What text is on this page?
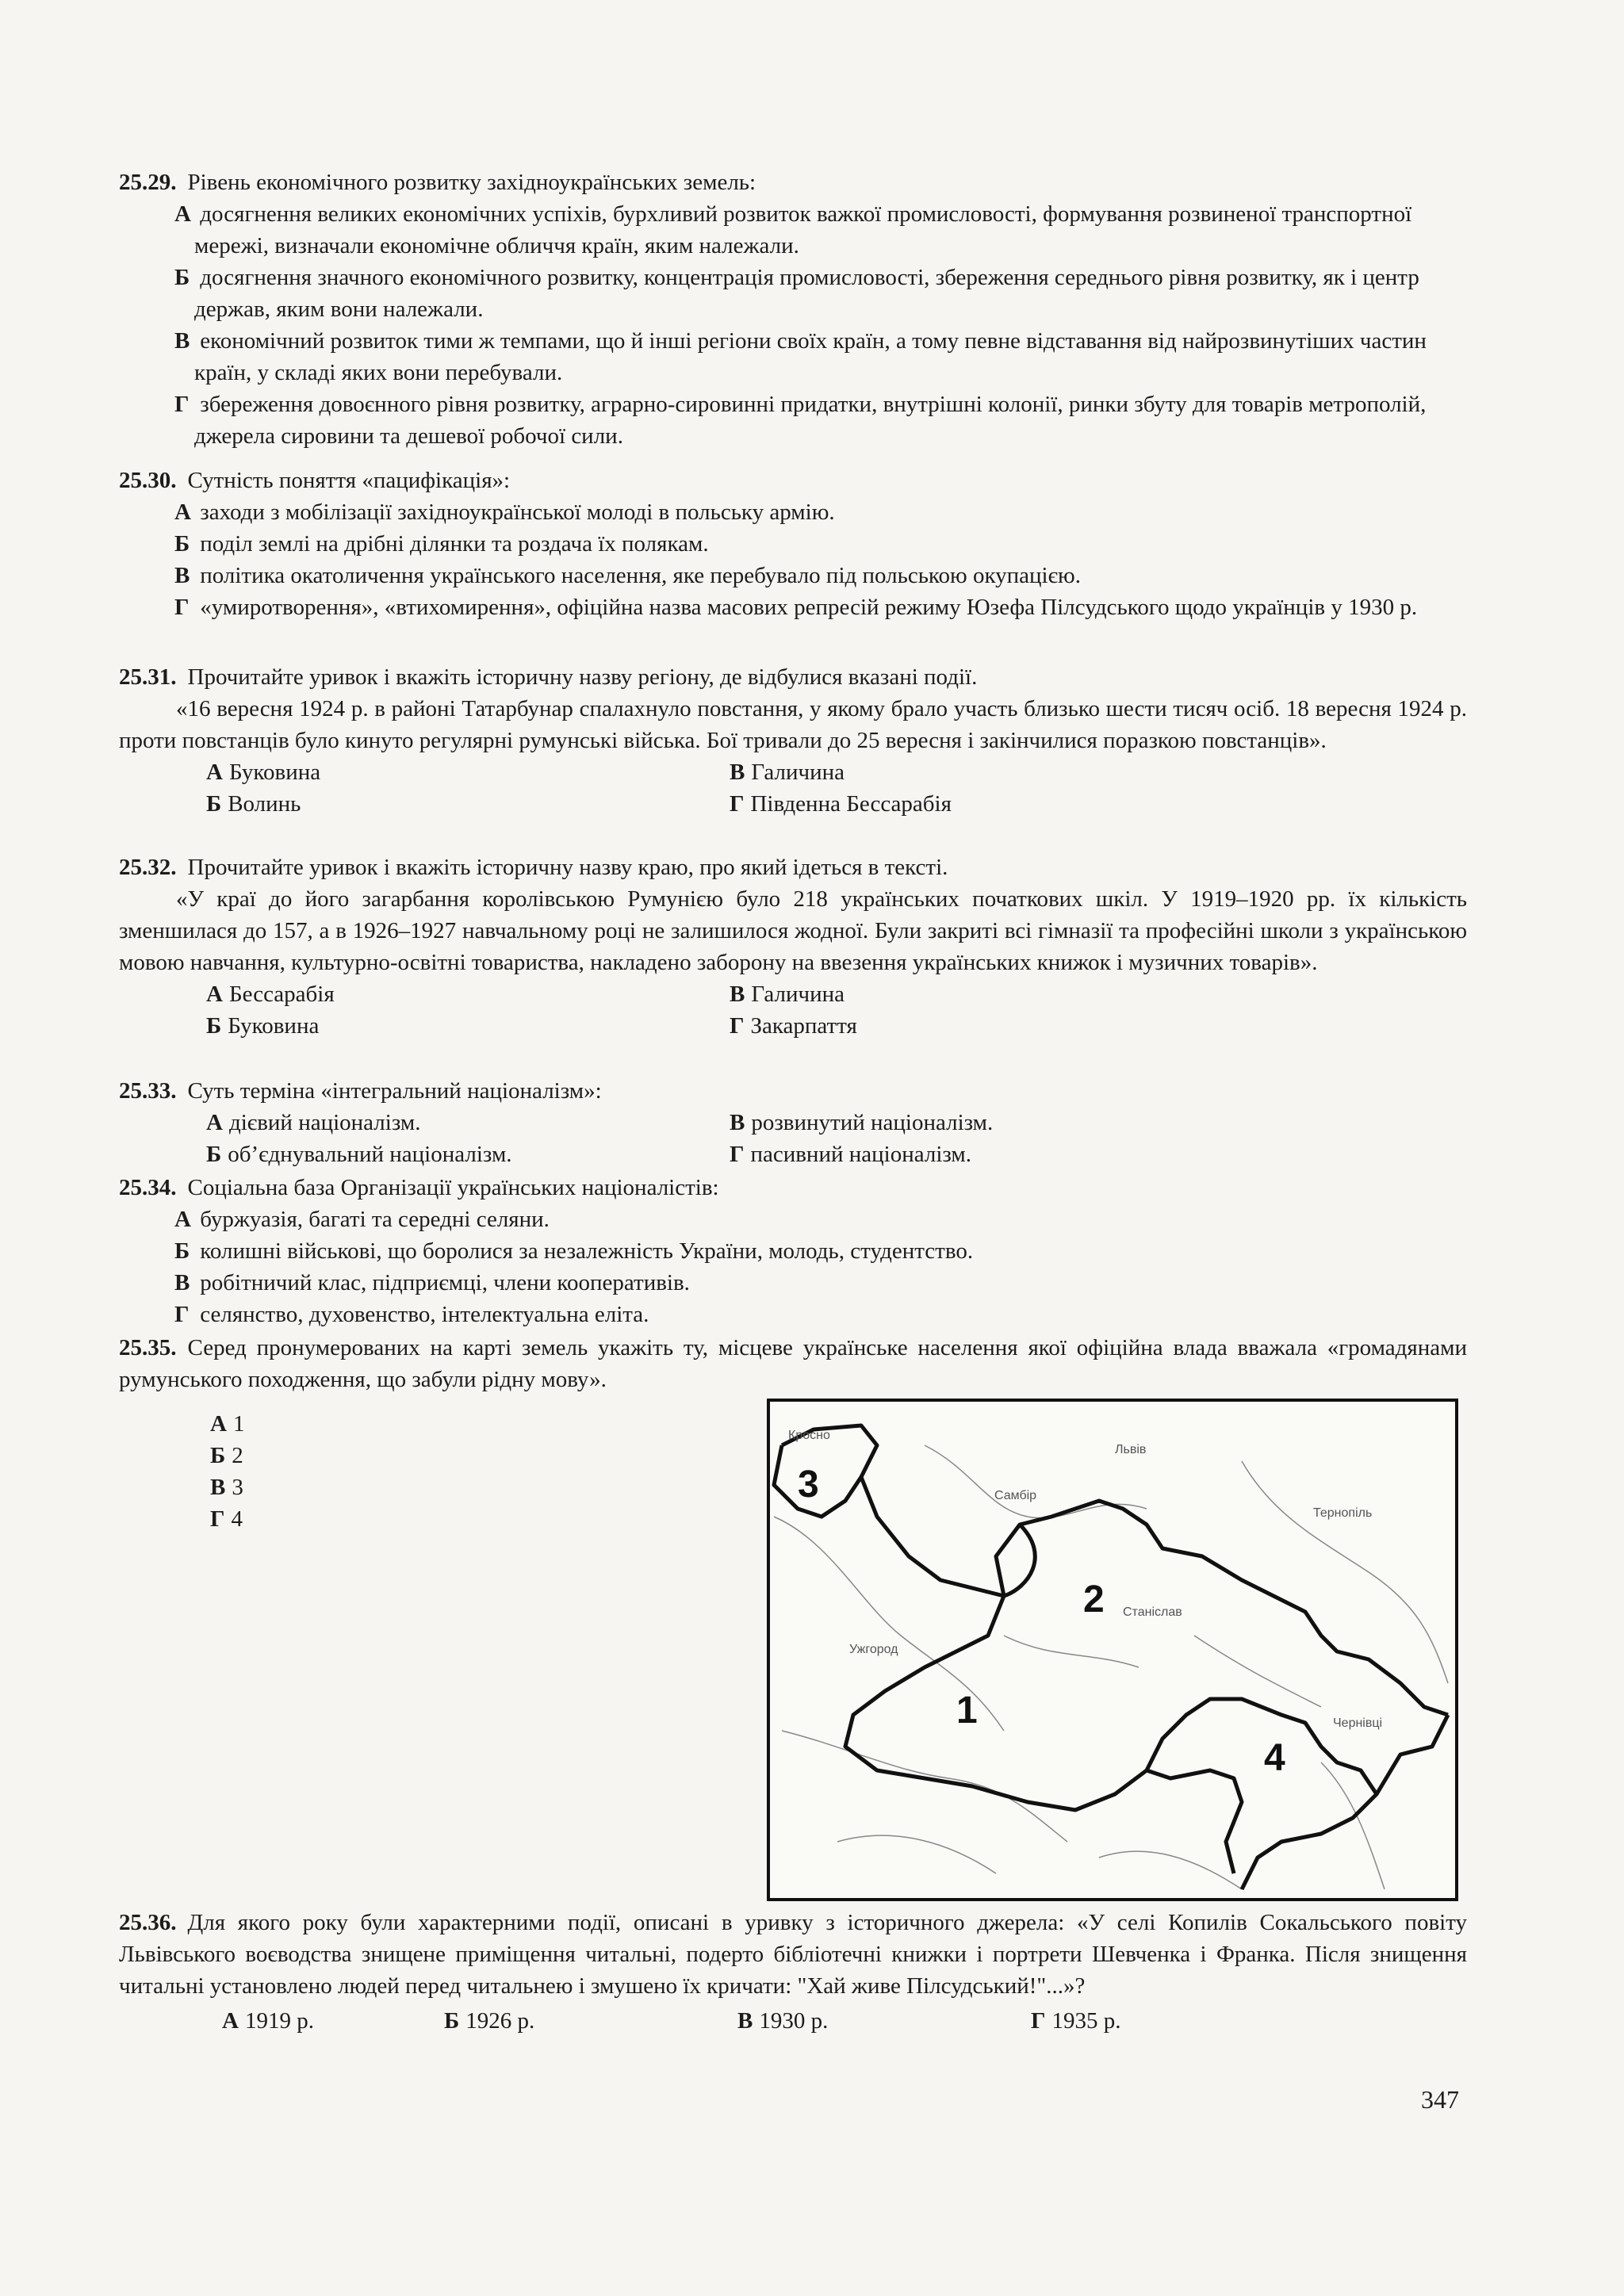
25.29. Рівень економічного розвитку західноукраїнських земель:
А досягнення великих економічних успіхів, бурхливий розвиток важкої промисловості, формування розвиненої транспортної мережі, визначали економічне обличчя країн, яким належали.
Б досягнення значного економічного розвитку, концентрація промисловості, збереження середнього рівня розвитку, як і центр держав, яким вони належали.
В економічний розвиток тими ж темпами, що й інші регіони своїх країн, а тому певне відставання від найрозвинутіших частин країн, у складі яких вони перебували.
Г збереження довоєнного рівня розвитку, аграрно-сировинні придатки, внутрішні колонії, ринки збуту для товарів метрополій, джерела сировини та дешевої робочої сили.
25.30. Сутність поняття «пацифікація»:
А заходи з мобілізації західноукраїнської молоді в польську армію.
Б поділ землі на дрібні ділянки та роздача їх полякам.
В політика окатоличення українського населення, яке перебувало під польською окупацією.
Г «умиротворення», «втихомирення», офіційна назва масових репресій режиму Юзефа Пілсудського щодо українців у 1930 р.
25.31. Прочитайте уривок і вкажіть історичну назву регіону, де відбулися вказані події.
«16 вересня 1924 р. в районі Татарбунар спалахнуло повстання, у якому брало участь близько шести тисяч осіб. 18 вересня 1924 р. проти повстанців було кинуто регулярні румунські війська. Бої тривали до 25 вересня і закінчилися поразкою повстанців».
А Буковина	В Галичина
Б Волинь	Г Південна Бессарабія
25.32. Прочитайте уривок і вкажіть історичну назву краю, про який ідеться в тексті.
«У краї до його загарбання королівською Румунією було 218 українських початкових шкіл. У 1919–1920 рр. їх кількість зменшилася до 157, а в 1926–1927 навчальному році не залишилося жодної. Були закриті всі гімназії та професійні школи з українською мовою навчання, культурно-освітні товариства, накладено заборону на ввезення українських книжок і музичних товарів».
А Бессарабія	В Галичина
Б Буковина	Г Закарпаття
25.33. Суть терміна «інтегральний націоналізм»:
А дієвий націоналізм.	В розвинутий націоналізм.
Б об’єднувальний націоналізм.	Г пасивний націоналізм.
25.34. Соціальна база Організації українських націоналістів:
А буржуазія, багаті та середні селяни.
Б колишні військові, що боролися за незалежність України, молодь, студентство.
В робітничий клас, підприємці, члени кооперативів.
Г селянство, духовенство, інтелектуальна еліта.
25.35. Серед пронумерованих на карті земель укажіть ту, місцеве українське населення якої офіційна влада вважала «громадянами румунського походження, що забули рідну мову».
А 1
Б 2
В 3
Г 4
Кросно
Львів
Самбір
Тернопіль
Станіслав
Ужгород
Чернівці
1
2
3
4
25.36. Для якого року були характерними події, описані в уривку з історичного джерела: «У селі Копилів Сокальського повіту Львівського воєводства знищене приміщення читальні, подерто бібліотечні книжки і портрети Шевченка і Франка. Після знищення читальні установлено людей перед читальнею і змушено їх кричати: "Хай живе Пілсудський!"...»?
А 1919 р.	Б 1926 р.	В 1930 р.	Г 1935 р.
347
